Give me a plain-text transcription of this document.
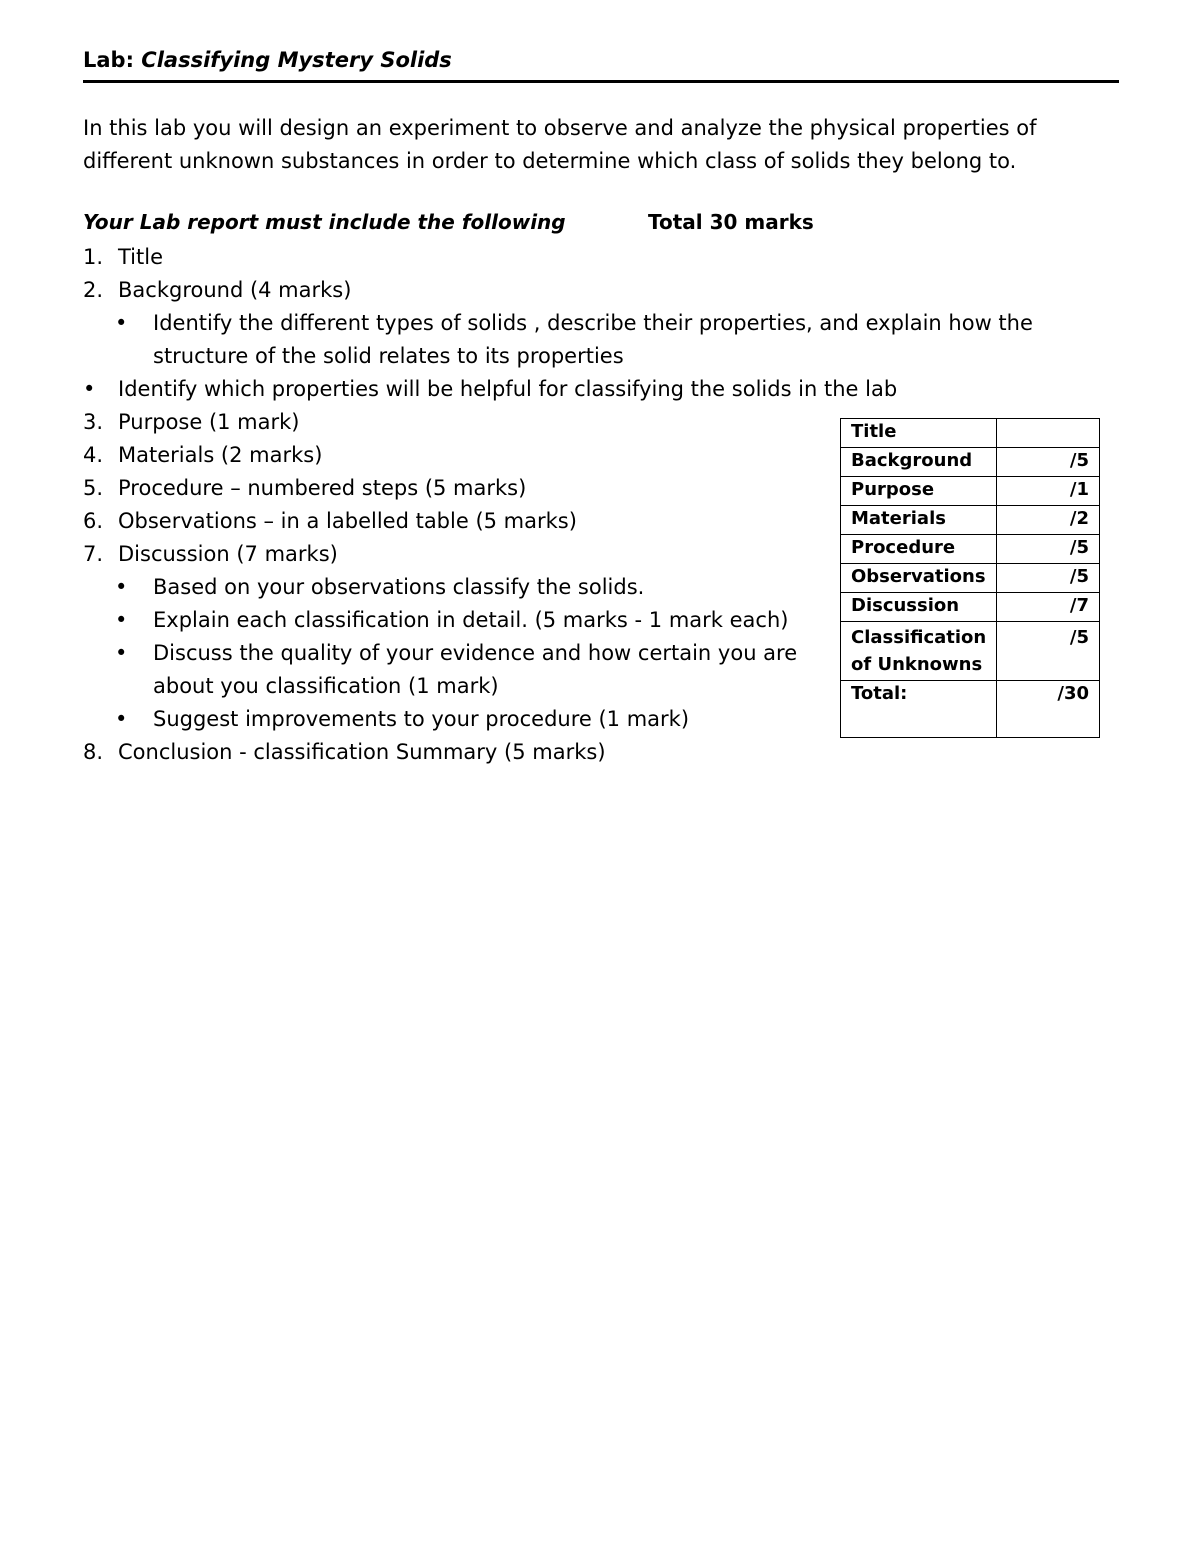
Lab: Classifying Mystery Solids
In this lab you will design an experiment to observe and analyze the physical properties of different unknown substances in order to determine which class of solids they belong to.
Your Lab report must include the following	Total 30 marks
1. Title
2. Background (4 marks)
•	Identify the different types of solids , describe their properties, and explain how the
structure of the solid relates to its properties
•	Identify which properties will be helpful for classifying the solids in the lab
3. Purpose (1 mark)
4. Materials (2 marks)
5. Procedure – numbered steps (5 marks)
6. Observations – in a labelled table (5 marks)
7. Discussion (7 marks)
•	Based on your observations classify the solids.
•	Explain each classification in detail. (5 marks - 1 mark each)
•	Discuss the quality of your evidence and how certain you are
about you classification (1 mark)
•	Suggest improvements to your procedure (1 mark)
8. Conclusion - classification Summary (5 marks)
Title	
Background	/5
Purpose	/1
Materials	/2
Procedure	/5
Observations	/5
Discussion	/7
Classification of Unknowns	/5
Total:	/30
